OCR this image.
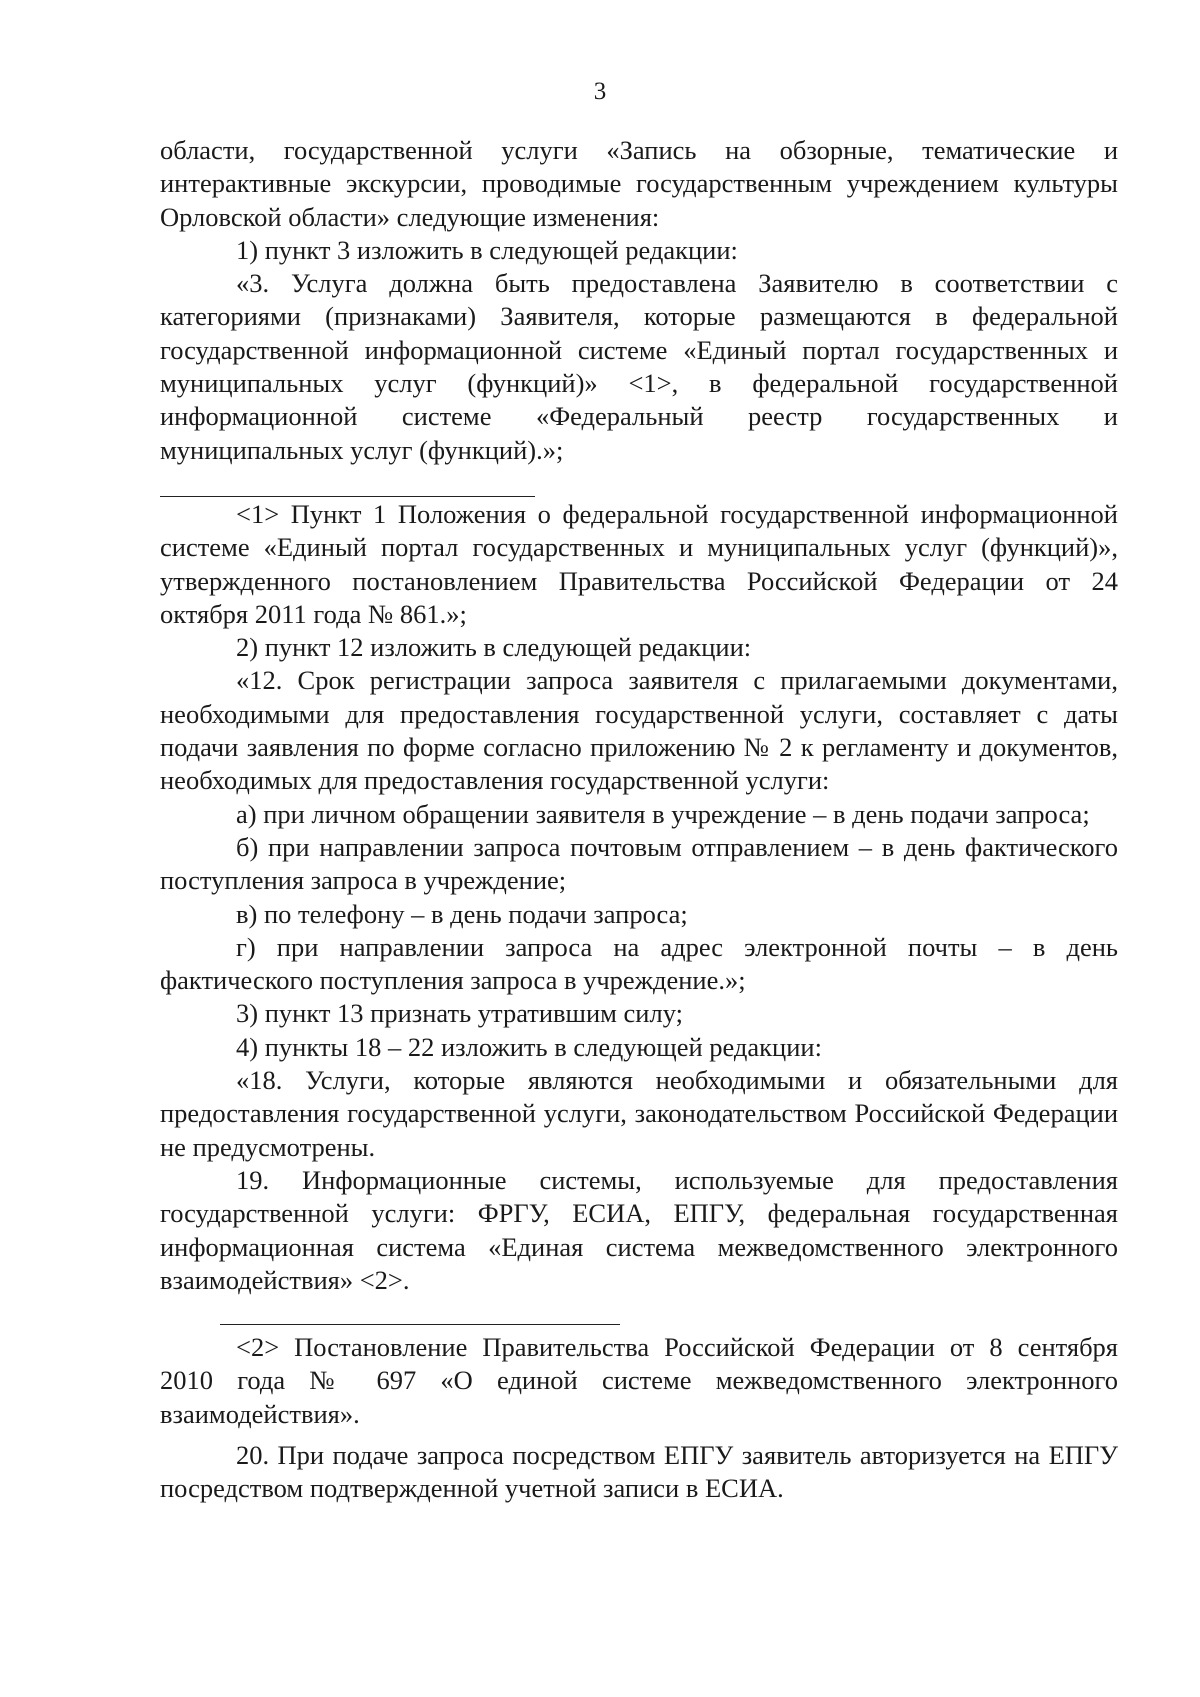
3

области, государственной услуги «Запись на обзорные, тематические и интерактивные экскурсии, проводимые государственным учреждением культуры Орловской области» следующие изменения:

1) пункт 3 изложить в следующей редакции:

«3. Услуга должна быть предоставлена Заявителю в соответствии с категориями (признаками) Заявителя, которые размещаются в федеральной государственной информационной системе «Единый портал государственных и муниципальных услуг (функций)» <1>, в федеральной государственной информационной системе «Федеральный реестр государственных и муниципальных услуг (функций).»;

<1> Пункт 1 Положения о федеральной государственной информационной системе «Единый портал государственных и муниципальных услуг (функций)», утвержденного постановлением Правительства Российской Федерации от 24 октября 2011 года № 861.»;

2) пункт 12 изложить в следующей редакции:

«12. Срок регистрации запроса заявителя с прилагаемыми документами, необходимыми для предоставления государственной услуги, составляет с даты подачи заявления по форме согласно приложению № 2 к регламенту и документов, необходимых для предоставления государственной услуги:

а) при личном обращении заявителя в учреждение – в день подачи запроса;

б) при направлении запроса почтовым отправлением – в день фактического поступления запроса в учреждение;

в) по телефону – в день подачи запроса;

г) при направлении запроса на адрес электронной почты – в день фактического поступления запроса в учреждение.»;

3) пункт 13 признать утратившим силу;

4) пункты 18 – 22 изложить в следующей редакции:

«18. Услуги, которые являются необходимыми и обязательными для предоставления государственной услуги, законодательством Российской Федерации не предусмотрены.

19. Информационные системы, используемые для предоставления государственной услуги: ФРГУ, ЕСИА, ЕПГУ, федеральная государственная информационная система «Единая система межведомственного электронного взаимодействия» <2>.

<2> Постановление Правительства Российской Федерации от 8 сентября 2010 года № 697 «О единой системе межведомственного электронного взаимодействия».

20. При подаче запроса посредством ЕПГУ заявитель авторизуется на ЕПГУ посредством подтвержденной учетной записи в ЕСИА.
